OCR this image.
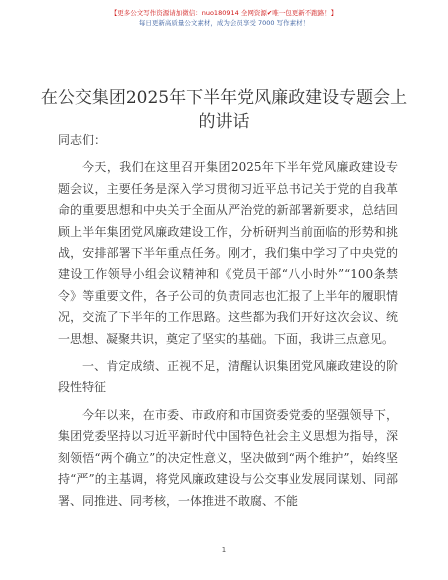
【更多公文写作资源请加微信：nuo180914 全网资源✔唯一包更新不跑路！】
每日更新高质量公文素材，成为会员享受 7000 写作素材！
在公交集团2025年下半年党风廉政建设专题会上的讲话

同志们：

今天，我们在这里召开集团2025年下半年党风廉政建设专题会议，主要任务是深入学习贯彻习近平总书记关于党的自我革命的重要思想和中央关于全面从严治党的新部署新要求，总结回顾上半年集团党风廉政建设工作，分析研判当前面临的形势和挑战，安排部署下半年重点任务。刚才，我们集中学习了中央党的建设工作领导小组会议精神和《党员干部“八小时外”“100条禁令》等重要文件，各子公司的负责同志也汇报了上半年的履职情况，交流了下半年的工作思路。这些都为我们开好这次会议、统一思想、凝聚共识，奠定了坚实的基础。下面，我讲三点意见。

一、肯定成绩、正视不足，清醒认识集团党风廉政建设的阶段性特征

今年以来，在市委、市政府和市国资委党委的坚强领导下，集团党委坚持以习近平新时代中国特色社会主义思想为指导，深刻领悟“两个确立”的决定性意义，坚决做到“两个维护”，始终坚持“严”的主基调，将党风廉政建设与公交事业发展同谋划、同部署、同推进、同考核，一体推进不敢腐、不能

1
